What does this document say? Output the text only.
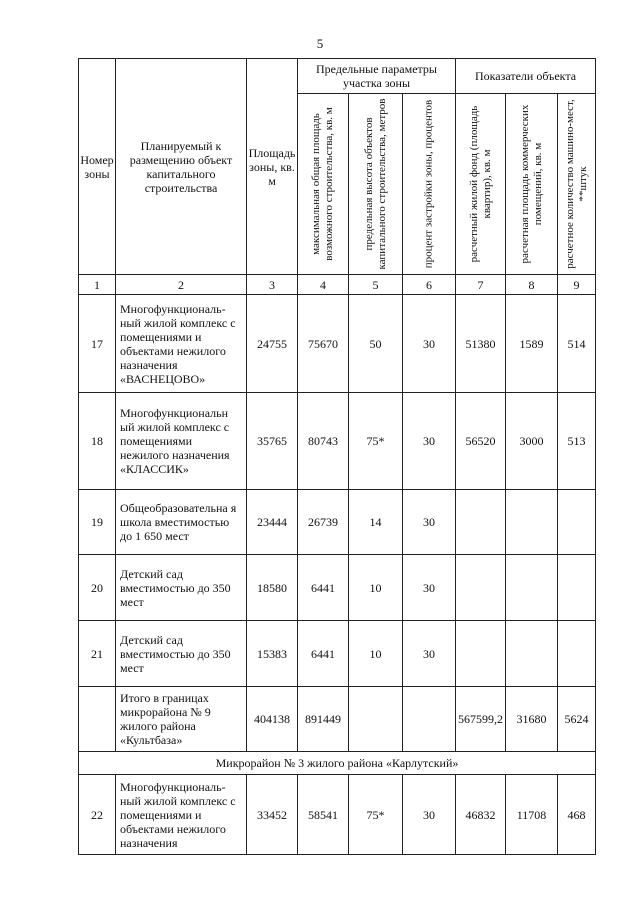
5
Номер зоны	Планируемый к размещению объект капитального строительства	Площадь зоны, кв. м	Предельные параметры участка зоны			Показатели объекта		

			максимальная общая площадь возможного строительства, кв. м	предельная высота объектов капитального строительства, метров	процент застройки зоны, процентов	расчетный жилой фонд (площадь квартир), кв. м	расчетная площадь коммерческих помещений, кв. м	расчетное количество машино-мест, **штук

1	2	3	4	5	6	7	8	9
17	Многофункциональ-ный жилой комплекс с помещениями и объектами нежилого назначения «ВАСНЕЦОВО»	24755	75670	50	30	51380	1589	514
18	Многофункциональн ый жилой комплекс с помещениями нежилого назначения «КЛАССИК»	35765	80743	75*	30	56520	3000	513
19	Общеобразовательна я школа вместимостью до 1 650 мест	23444	26739	14	30			
20	Детский сад вместимостью до 350 мест	18580	6441	10	30			
21	Детский сад вместимостью до 350 мест	15383	6441	10	30			
	Итого в границах микрорайона № 9 жилого района «Культбаза»	404138	891449			567599,2	31680	5624
Микрорайон № 3 жилого района «Карлутский»								
22	Многофункциональ-ный жилой комплекс с помещениями и объектами нежилого назначения	33452	58541	75*	30	46832	11708	468
